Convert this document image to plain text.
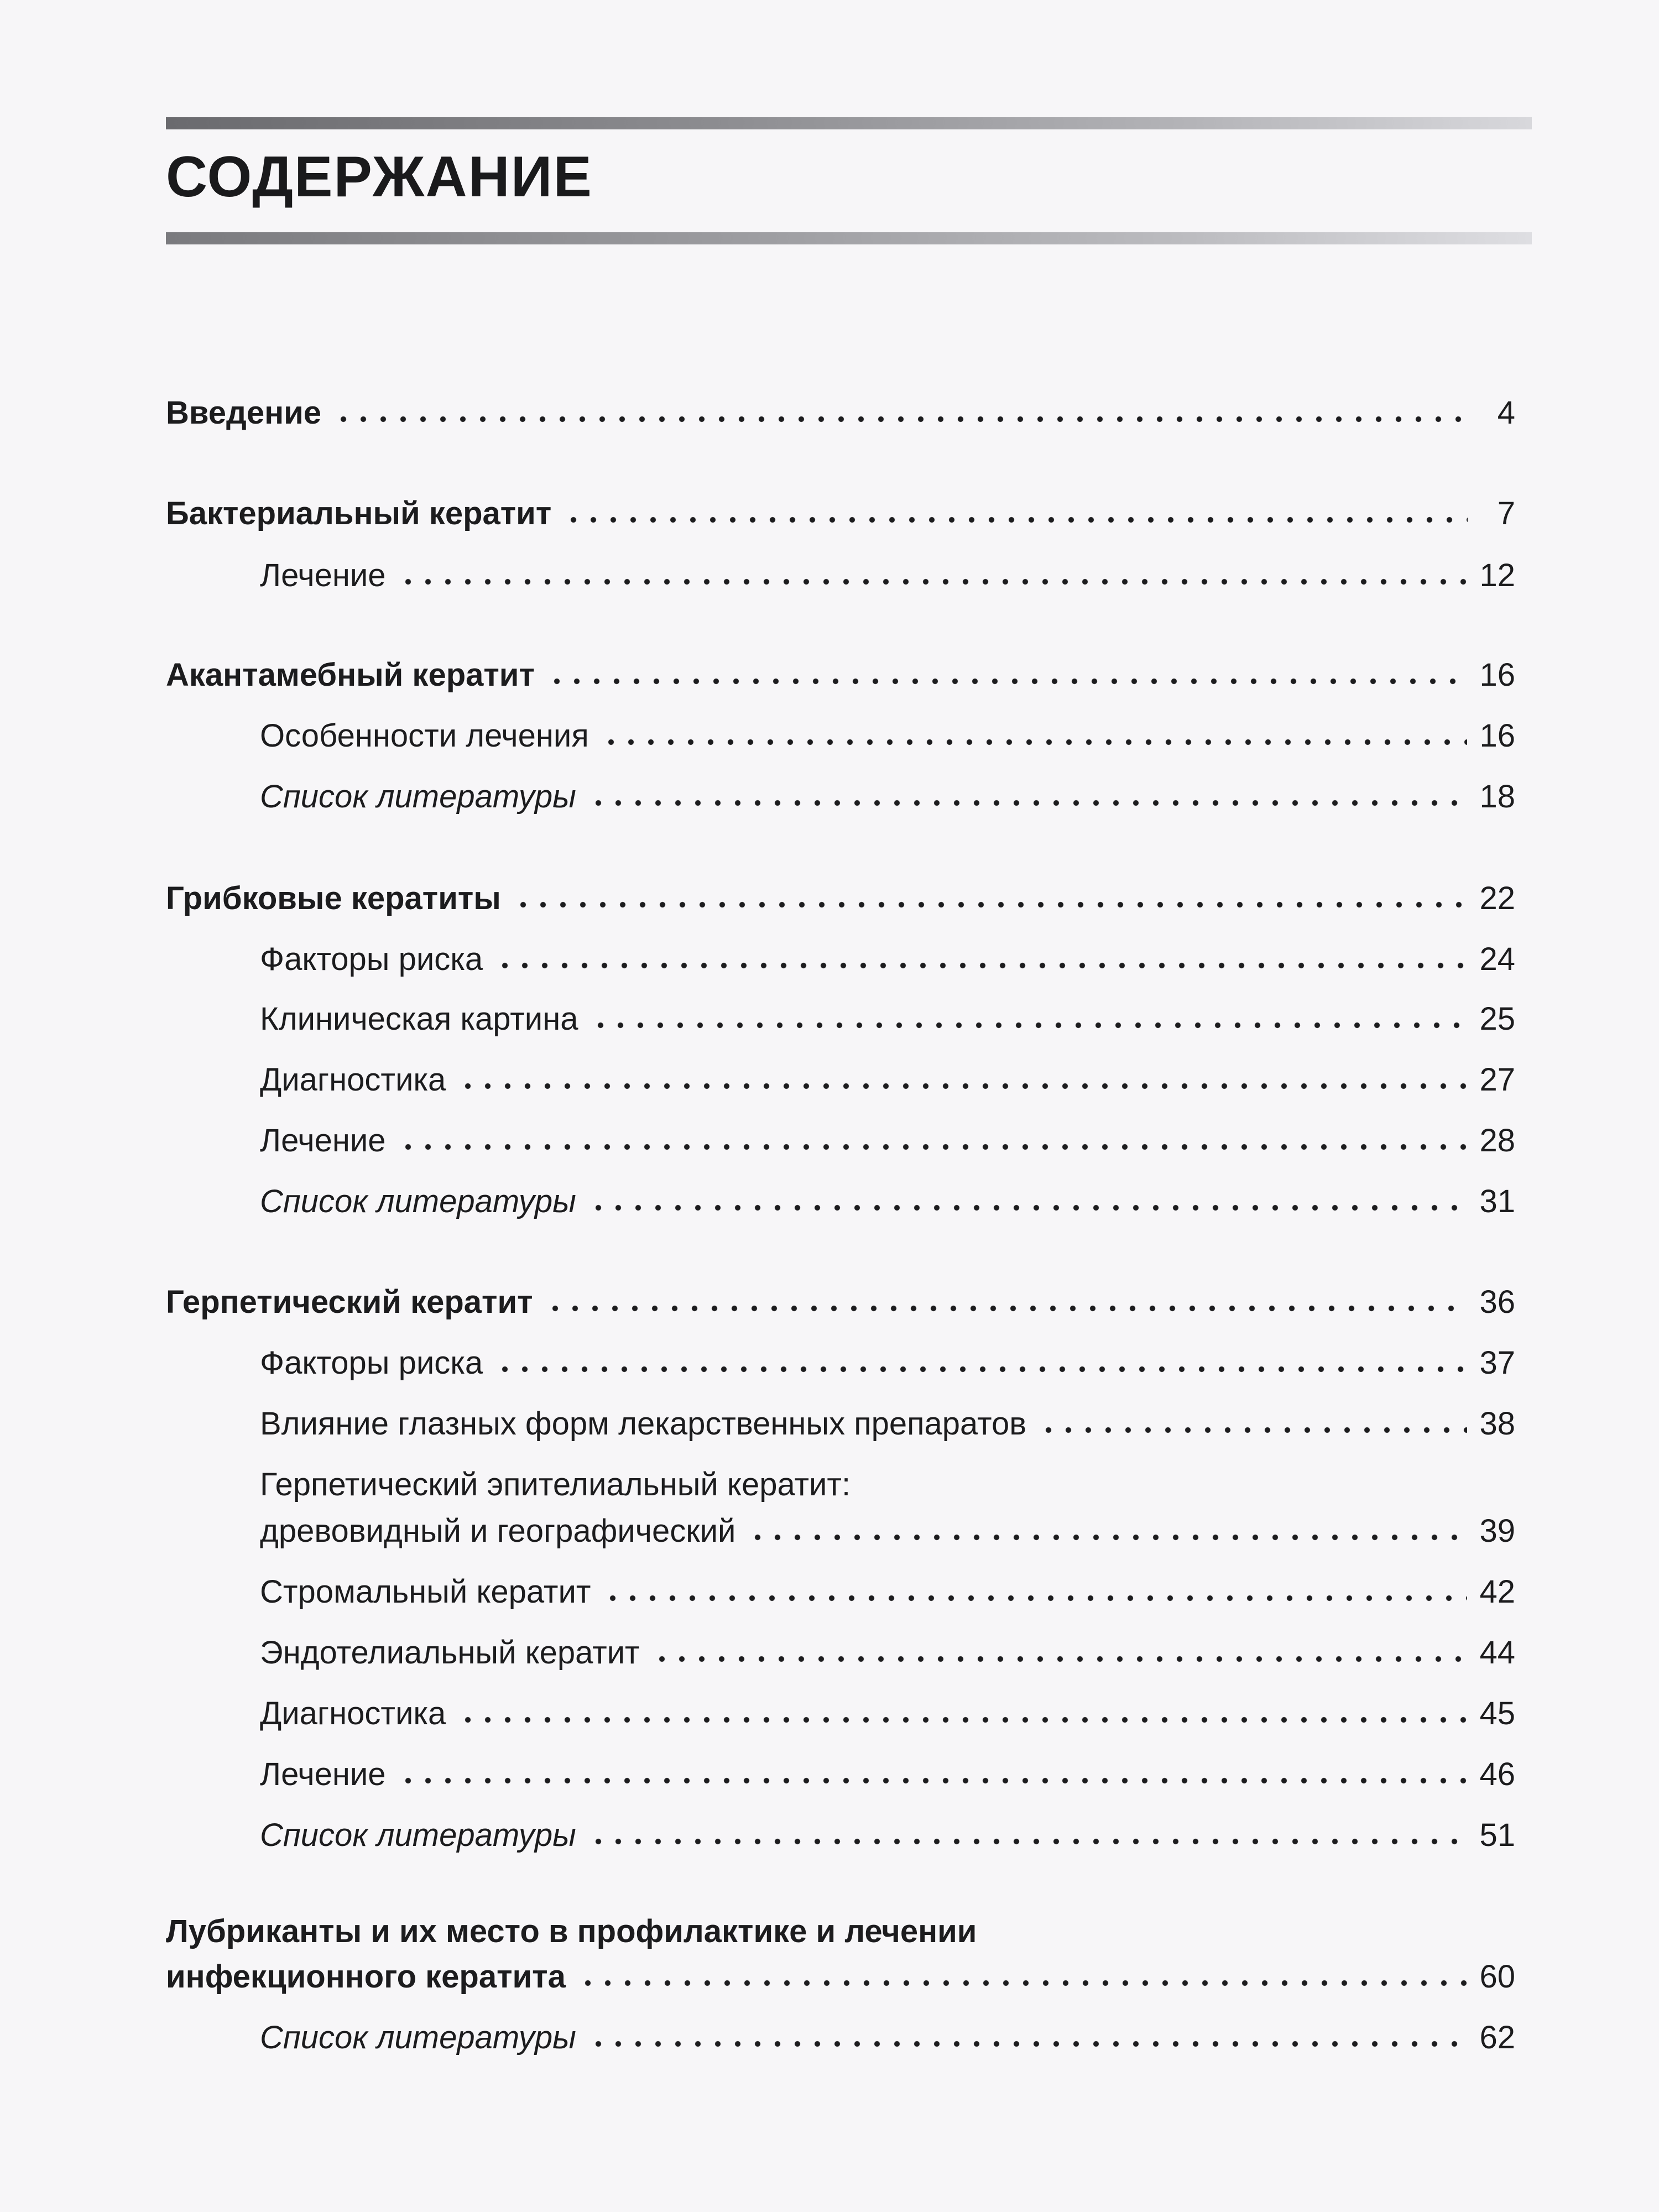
СОДЕРЖАНИЕ
Введение	4
Бактериальный кератит	7
Лечение	12
Акантамебный кератит	16
Особенности лечения	16
Список литературы	18
Грибковые кератиты	22
Факторы риска	24
Клиническая картина	25
Диагностика	27
Лечение	28
Список литературы	31
Герпетический кератит	36
Факторы риска	37
Влияние глазных форм лекарственных препаратов	38
Герпетический эпителиальный кератит:
древовидный и географический	39
Стромальный кератит	42
Эндотелиальный кератит	44
Диагностика	45
Лечение	46
Список литературы	51
Лубриканты и их место в профилактике и лечении
инфекционного кератита	60
Список литературы	62
